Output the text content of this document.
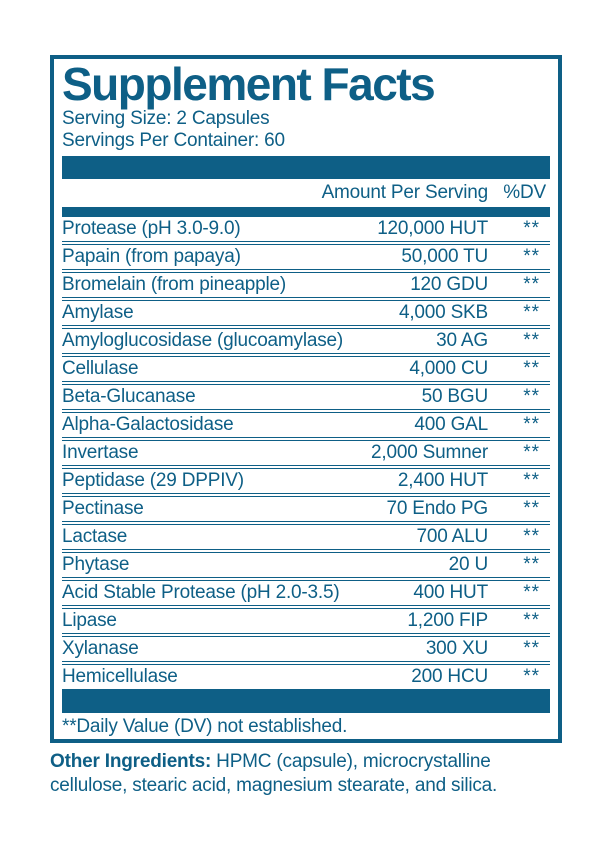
Supplement Facts
Serving Size: 2 Capsules
Servings Per Container: 60
Amount Per Serving %DV
Protease (pH 3.0-9.0)	120,000 HUT	**
Papain (from papaya)	50,000 TU	**
Bromelain (from pineapple)	120 GDU	**
Amylase	4,000 SKB	**
Amyloglucosidase (glucoamylase)	30 AG	**
Cellulase	4,000 CU	**
Beta-Glucanase	50 BGU	**
Alpha-Galactosidase	400 GAL	**
Invertase	2,000 Sumner	**
Peptidase (29 DPPIV)	2,400 HUT	**
Pectinase	70 Endo PG	**
Lactase	700 ALU	**
Phytase	20 U	**
Acid Stable Protease (pH 2.0-3.5)	400 HUT	**
Lipase	1,200 FIP	**
Xylanase	300 XU	**
Hemicellulase	200 HCU	**
**Daily Value (DV) not established.

Other Ingredients: HPMC (capsule), microcrystalline cellulose, stearic acid, magnesium stearate, and silica.
